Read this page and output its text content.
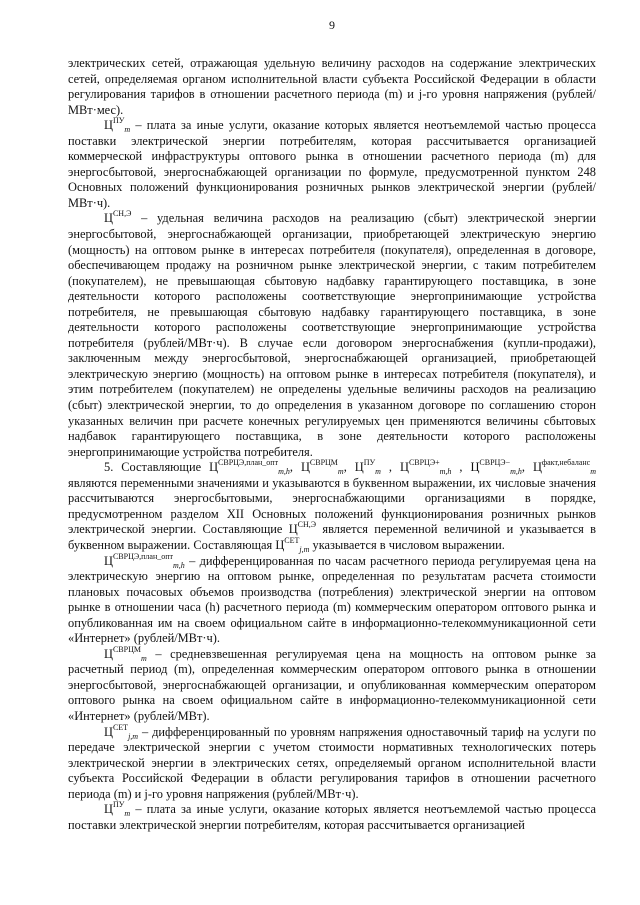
9

электрических сетей, отражающая удельную величину расходов на содержание электрических сетей, определяемая органом исполнительной власти субъекта Российской Федерации в области регулирования тарифов в отношении расчетного периода (m) и j-го уровня напряжения (рублей/МВт·мес).

$Ц^{ПУ}_m$ – плата за иные услуги, оказание которых является неотъемлемой частью процесса поставки электрической энергии потребителям, которая рассчитывается организацией коммерческой инфраструктуры оптового рынка в отношении расчетного периода (m) для энергосбытовой, энергоснабжающей организации по формуле, предусмотренной пунктом 248 Основных положений функционирования розничных рынков электрической энергии (рублей/МВт·ч).

$Ц^{СН,Э}$ – удельная величина расходов на реализацию (сбыт) электрической энергии энергосбытовой, энергоснабжающей организации, приобретающей электрическую энергию (мощность) на оптовом рынке в интересах потребителя (покупателя), определенная в договоре, обеспечивающем продажу на розничном рынке электрической энергии, с таким потребителем (покупателем), не превышающая сбытовую надбавку гарантирующего поставщика, в зоне деятельности которого расположены соответствующие энергопринимающие устройства потребителя, не превышающая сбытовую надбавку гарантирующего поставщика, в зоне деятельности которого расположены соответствующие энергопринимающие устройства потребителя (рублей/МВт·ч). В случае если договором энергоснабжения (купли-продажи), заключенным между энергосбытовой, энергоснабжающей организацией, приобретающей электрическую энергию (мощность) на оптовом рынке в интересах потребителя (покупателя), и этим потребителем (покупателем) не определены удельные величины расходов на реализацию (сбыт) электрической энергии, то до определения в указанном договоре по соглашению сторон указанных величин при расчете конечных регулируемых цен применяются величины сбытовых надбавок гарантирующего поставщика, в зоне деятельности которого расположены энергопринимающие устройства потребителя.

5. Составляющие $Ц^{СВРЦЭ,план\_опт}_{m,h}$, $Ц^{СВРЦМ}_m$, $Ц^{ПУ}_m$ , $Ц^{СВРЦЭ+}_{m,h}$ , $Ц^{СВРЦЭ-}_{m,h}$, $Ц^{факт,небаланс}_m$ являются переменными значениями и указываются в буквенном выражении, их числовые значения рассчитываются энергосбытовыми, энергоснабжающими организациями в порядке, предусмотренном разделом XII Основных положений функционирования розничных рынков электрической энергии. Составляющие $Ц^{СН,Э}$ является переменной величиной и указывается в буквенном выражении. Составляющая $Ц^{СЕТ}_{j,m}$ указывается в числовом выражении.

$Ц^{СВРЦЭ,план\_опт}_{m,h}$ – дифференцированная по часам расчетного периода регулируемая цена на электрическую энергию на оптовом рынке, определенная по результатам расчета стоимости плановых почасовых объемов производства (потребления) электрической энергии на оптовом рынке в отношении часа (h) расчетного периода (m) коммерческим оператором оптового рынка и опубликованная им на своем официальном сайте в информационно-телекоммуникационной сети «Интернет» (рублей/МВт·ч).

$Ц^{СВРЦМ}_m$ – средневзвешенная регулируемая цена на мощность на оптовом рынке за расчетный период (m), определенная коммерческим оператором оптового рынка в отношении энергосбытовой, энергоснабжающей организации, и опубликованная коммерческим оператором оптового рынка на своем официальном сайте в информационно-телекоммуникационной сети «Интернет» (рублей/МВт).

$Ц^{СЕТ}_{j,m}$ – дифференцированный по уровням напряжения одноставочный тариф на услуги по передаче электрической энергии с учетом стоимости нормативных технологических потерь электрической энергии в электрических сетях, определяемый органом исполнительной власти субъекта Российской Федерации в области регулирования тарифов в отношении расчетного периода (m) и j-го уровня напряжения (рублей/МВт·ч).

$Ц^{ПУ}_m$ – плата за иные услуги, оказание которых является неотъемлемой частью процесса поставки электрической энергии потребителям, которая рассчитывается организацией
